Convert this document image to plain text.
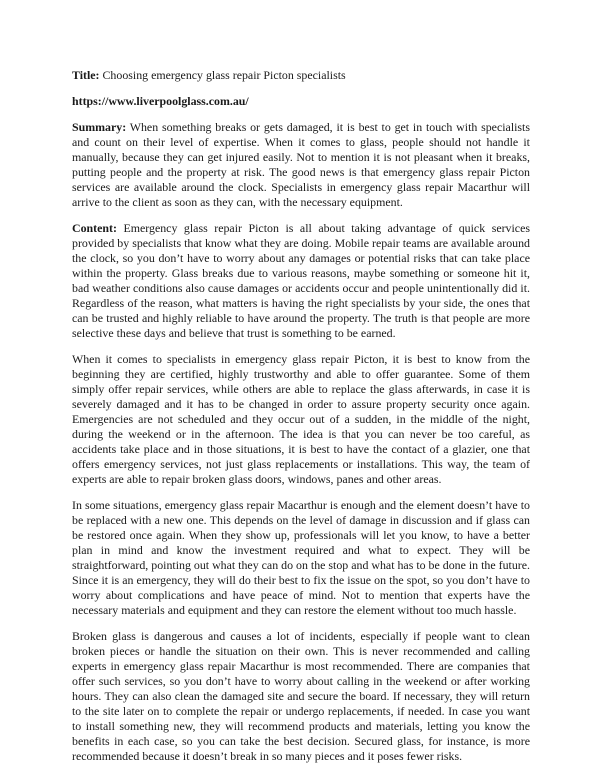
Title: Choosing emergency glass repair Picton specialists
https://www.liverpoolglass.com.au/

Summary: When something breaks or gets damaged, it is best to get in touch with specialists and count on their level of expertise. When it comes to glass, people should not handle it manually, because they can get injured easily. Not to mention it is not pleasant when it breaks, putting people and the property at risk. The good news is that emergency glass repair Picton services are available around the clock. Specialists in emergency glass repair Macarthur will arrive to the client as soon as they can, with the necessary equipment.

Content: Emergency glass repair Picton is all about taking advantage of quick services provided by specialists that know what they are doing. Mobile repair teams are available around the clock, so you don’t have to worry about any damages or potential risks that can take place within the property. Glass breaks due to various reasons, maybe something or someone hit it, bad weather conditions also cause damages or accidents occur and people unintentionally did it. Regardless of the reason, what matters is having the right specialists by your side, the ones that can be trusted and highly reliable to have around the property. The truth is that people are more selective these days and believe that trust is something to be earned.

When it comes to specialists in emergency glass repair Picton, it is best to know from the beginning they are certified, highly trustworthy and able to offer guarantee. Some of them simply offer repair services, while others are able to replace the glass afterwards, in case it is severely damaged and it has to be changed in order to assure property security once again. Emergencies are not scheduled and they occur out of a sudden, in the middle of the night, during the weekend or in the afternoon. The idea is that you can never be too careful, as accidents take place and in those situations, it is best to have the contact of a glazier, one that offers emergency services, not just glass replacements or installations. This way, the team of experts are able to repair broken glass doors, windows, panes and other areas.

In some situations, emergency glass repair Macarthur is enough and the element doesn’t have to be replaced with a new one. This depends on the level of damage in discussion and if glass can be restored once again. When they show up, professionals will let you know, to have a better plan in mind and know the investment required and what to expect. They will be straightforward, pointing out what they can do on the stop and what has to be done in the future. Since it is an emergency, they will do their best to fix the issue on the spot, so you don’t have to worry about complications and have peace of mind. Not to mention that experts have the necessary materials and equipment and they can restore the element without too much hassle.

Broken glass is dangerous and causes a lot of incidents, especially if people want to clean broken pieces or handle the situation on their own. This is never recommended and calling experts in emergency glass repair Macarthur is most recommended. There are companies that offer such services, so you don’t have to worry about calling in the weekend or after working hours. They can also clean the damaged site and secure the board. If necessary, they will return to the site later on to complete the repair or undergo replacements, if needed. In case you want to install something new, they will recommend products and materials, letting you know the benefits in each case, so you can take the best decision. Secured glass, for instance, is more recommended because it doesn’t break in so many pieces and it poses fewer risks.
